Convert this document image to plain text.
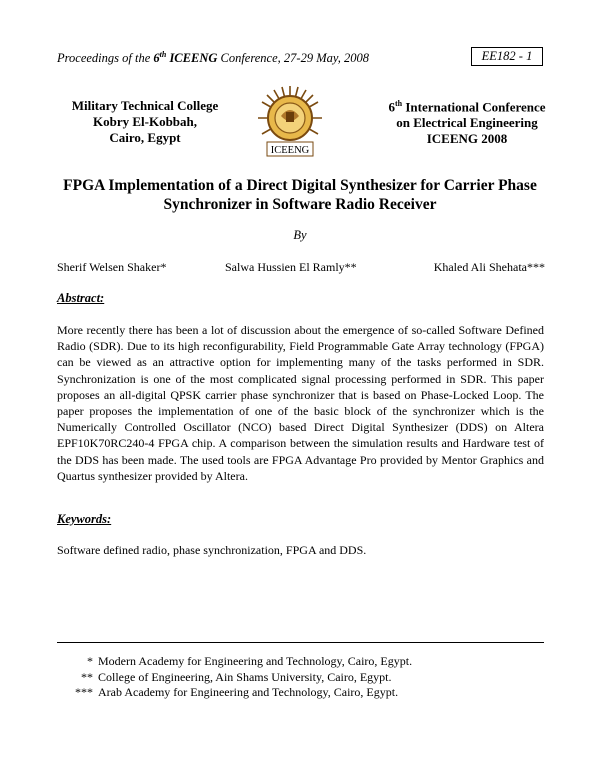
Proceedings of the 6th ICEENG Conference, 27-29 May, 2008	EE182 - 1
Military Technical College
Kobry El-Kobbah,
Cairo, Egypt
ICEENG
6th International Conference
on Electrical Engineering
ICEENG 2008
FPGA Implementation of a Direct Digital Synthesizer for Carrier Phase
Synchronizer in Software Radio Receiver
By
Sherif Welsen Shaker*	Salwa Hussien El Ramly**	Khaled Ali Shehata***
Abstract:
More recently there has been a lot of discussion about the emergence of so-called Software Defined Radio (SDR). Due to its high reconfigurability, Field Programmable Gate Array technology (FPGA) can be viewed as an attractive option for implementing many of the tasks performed in SDR. Synchronization is one of the most complicated signal processing performed in SDR. This paper proposes an all-digital QPSK carrier phase synchronizer that is based on Phase-Locked Loop. The paper proposes the implementation of one of the basic block of the synchronizer which is the Numerically Controlled Oscillator (NCO) based Direct Digital Synthesizer (DDS) on Altera EPF10K70RC240-4 FPGA chip. A comparison between the simulation results and Hardware test of the DDS has been made. The used tools are FPGA Advantage Pro provided by Mentor Graphics and Quartus synthesizer provided by Altera.
Keywords:
Software defined radio, phase synchronization, FPGA and DDS.
* Modern Academy for Engineering and Technology, Cairo, Egypt.
** College of Engineering, Ain Shams University, Cairo, Egypt.
*** Arab Academy for Engineering and Technology, Cairo, Egypt.
